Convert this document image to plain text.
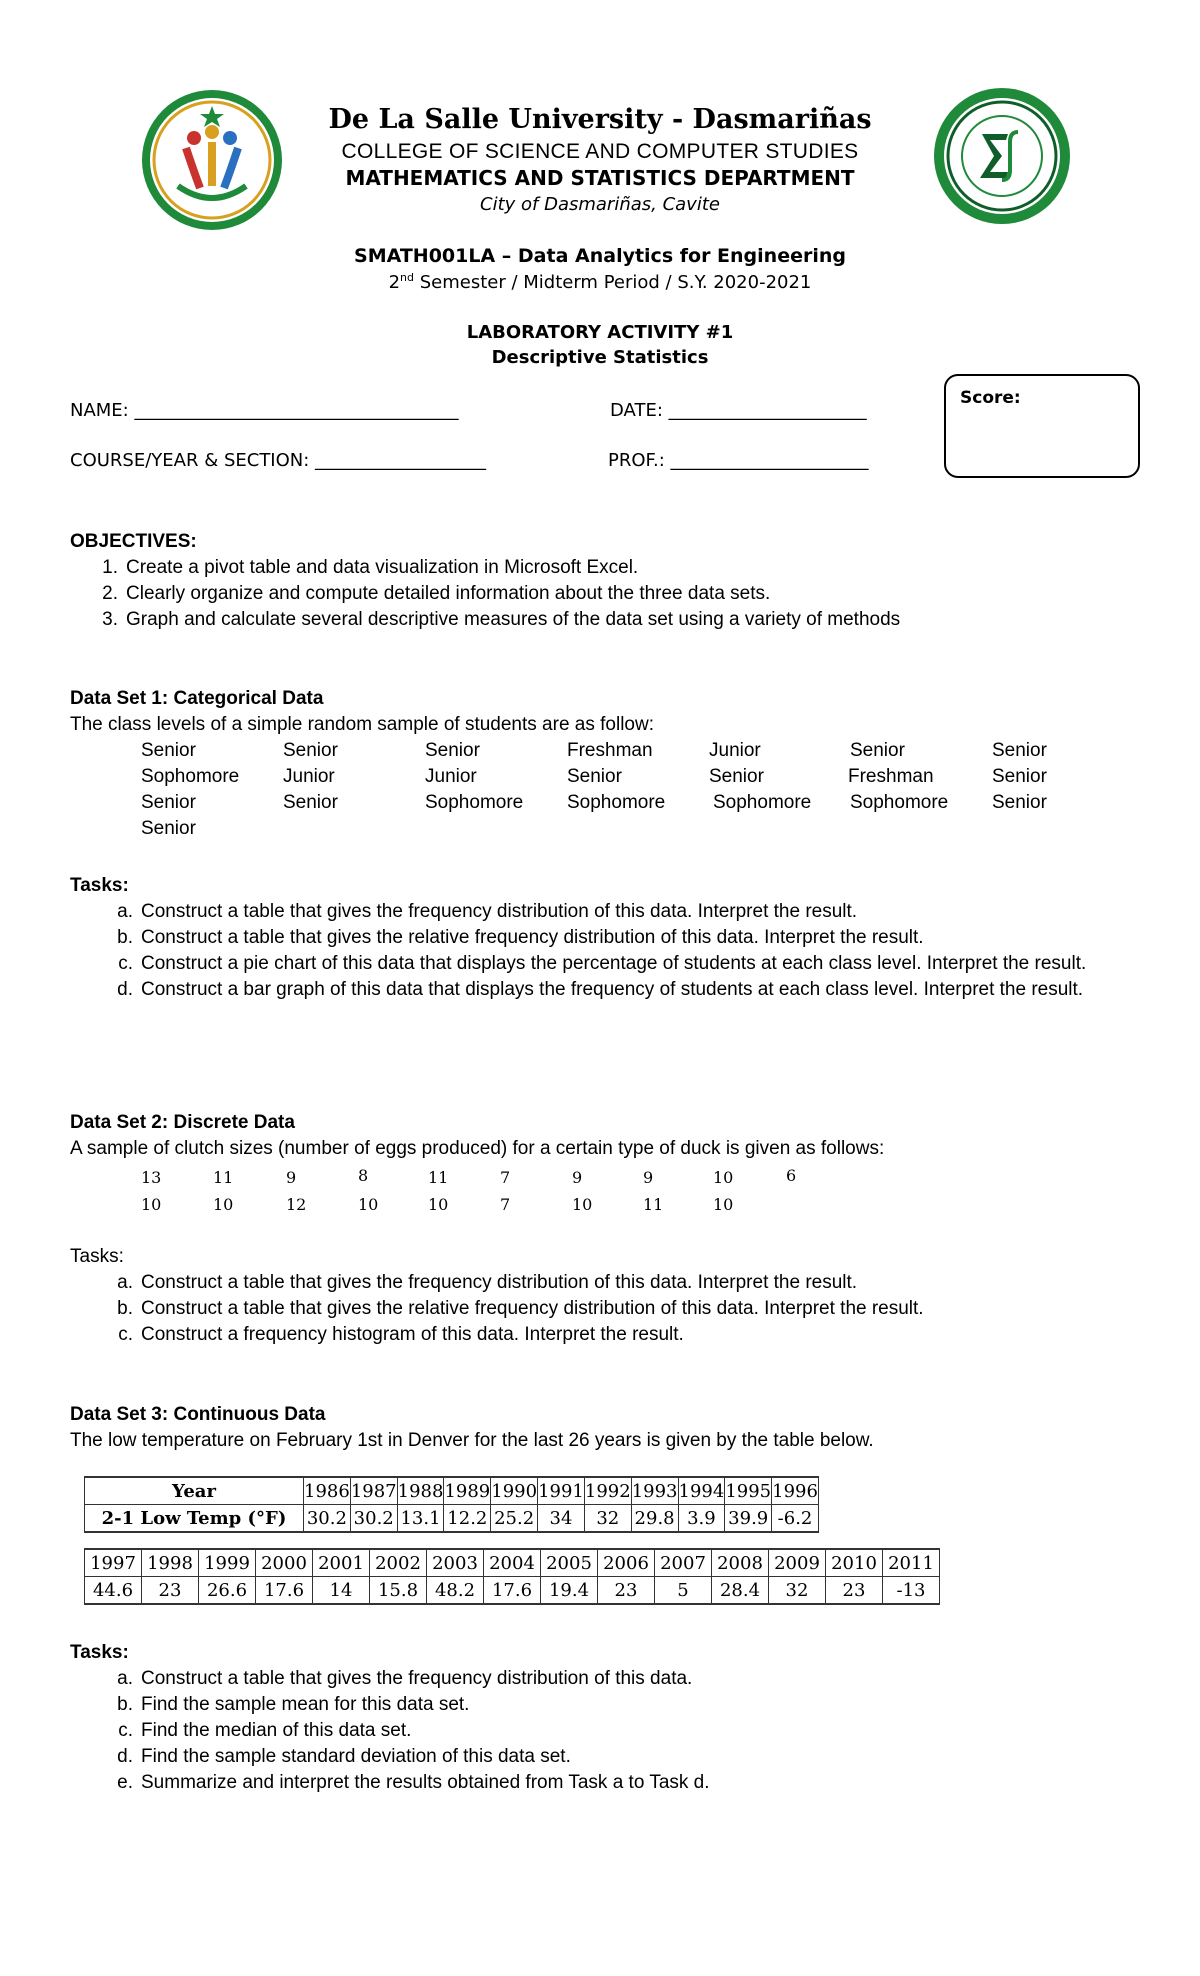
De La Salle University - Dasmariñas
COLLEGE OF SCIENCE AND COMPUTER STUDIES
MATHEMATICS AND STATISTICS DEPARTMENT
City of Dasmariñas, Cavite
SMATH001LA – Data Analytics for Engineering
2nd Semester / Midterm Period / S.Y. 2020-2021
LABORATORY ACTIVITY #1
Descriptive Statistics
NAME: ____________________________________	DATE: ______________________
COURSE/YEAR & SECTION: ___________________	PROF.: ______________________
Score:
OBJECTIVES:
1. Create a pivot table and data visualization in Microsoft Excel.
2. Clearly organize and compute detailed information about the three data sets.
3. Graph and calculate several descriptive measures of the data set using a variety of methods
Data Set 1: Categorical Data
The class levels of a simple random sample of students are as follow:
Senior	Senior	Senior	Freshman	Junior	Senior	Senior
Sophomore Junior	Junior	Senior	Senior	Freshman	Senior
Senior	Senior	Sophomore Sophomore	Sophomore Sophomore Senior
Senior
Tasks:
a. Construct a table that gives the frequency distribution of this data. Interpret the result.
b. Construct a table that gives the relative frequency distribution of this data. Interpret the result.
c. Construct a pie chart of this data that displays the percentage of students at each class level. Interpret the result.
d. Construct a bar graph of this data that displays the frequency of students at each class level. Interpret the result.
Data Set 2: Discrete Data
A sample of clutch sizes (number of eggs produced) for a certain type of duck is given as follows:
13	11	9	8	11	7	9	9	10	6
10	10	12	10	10	7	10	11	10
Tasks:
a. Construct a table that gives the frequency distribution of this data. Interpret the result.
b. Construct a table that gives the relative frequency distribution of this data. Interpret the result.
c. Construct a frequency histogram of this data. Interpret the result.
Data Set 3: Continuous Data
The low temperature on February 1st in Denver for the last 26 years is given by the table below.
Year	1986	1987	1988	1989	1990	1991	1992	1993	1994	1995	1996
2-1 Low Temp (°F)	30.2	30.2	13.1	12.2	25.2	34	32	29.8	3.9	39.9	-6.2
1997	1998	1999	2000	2001	2002	2003	2004	2005	2006	2007	2008	2009	2010	2011
44.6	23	26.6	17.6	14	15.8	48.2	17.6	19.4	23	5	28.4	32	23	-13
Tasks:
a. Construct a table that gives the frequency distribution of this data.
b. Find the sample mean for this data set.
c. Find the median of this data set.
d. Find the sample standard deviation of this data set.
e. Summarize and interpret the results obtained from Task a to Task d.
